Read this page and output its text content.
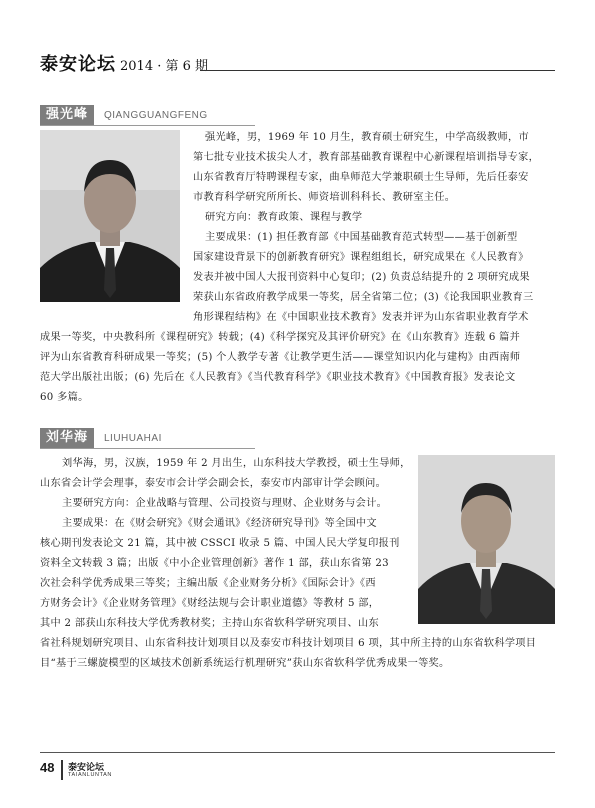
泰安论坛 2014 · 第 6 期
强光峰	QIANGGUANGFENG
强光峰，男，1969 年 10 月生，教育硕士研究生，中学高级教师，市
第七批专业技术拔尖人才，教育部基础教育课程中心新课程培训指导专家，
山东省教育厅特聘课程专家，曲阜师范大学兼职硕士生导师，先后任泰安
市教育科学研究所所长、师资培训科科长、教研室主任。
研究方向：教育政策、课程与教学
主要成果：(1) 担任教育部《中国基础教育范式转型——基于创新型
国家建设背景下的创新教育研究》课程组组长，研究成果在《人民教育》
发表并被中国人大报刊资料中心复印；(2) 负责总结提升的 2 项研究成果
荣获山东省政府教学成果一等奖，居全省第二位；(3)《论我国职业教育三
角形课程结构》在《中国职业技术教育》发表并评为山东省职业教育学术
成果一等奖，中央教科所《课程研究》转载；(4)《科学探究及其评价研究》在《山东教育》连载 6 篇并
评为山东省教育科研成果一等奖；(5) 个人教学专著《让教学更生活——课堂知识内化与建构》由西南师
范大学出版社出版；(6) 先后在《人民教育》《当代教育科学》《职业技术教育》《中国教育报》发表论文
60 多篇。
刘华海	LIUHUAHAI
刘华海，男，汉族，1959 年 2 月出生，山东科技大学教授，硕士生导师，
山东省会计学会理事，泰安市会计学会副会长，泰安市内部审计学会顾问。
主要研究方向：企业战略与管理、公司投资与理财、企业财务与会计。
主要成果：在《财会研究》《财会通讯》《经济研究导刊》等全国中文
核心期刊发表论文 21 篇，其中被 CSSCI 收录 5 篇、中国人民大学复印报刊
资料全文转载 3 篇；出版《中小企业管理创新》著作 1 部，获山东省第 23
次社会科学优秀成果三等奖；主编出版《企业财务分析》《国际会计》《西
方财务会计》《企业财务管理》《财经法规与会计职业道德》等教材 5 部，
其中 2 部获山东科技大学优秀教材奖；主持山东省软科学研究项目、山东
省社科规划研究项目、山东省科技计划项目以及泰安市科技计划项目 6 项，其中所主持的山东省软科学项目
目“基于三螺旋模型的区域技术创新系统运行机理研究”获山东省软科学优秀成果一等奖。
48 泰安论坛
TAIANLUNTAN
